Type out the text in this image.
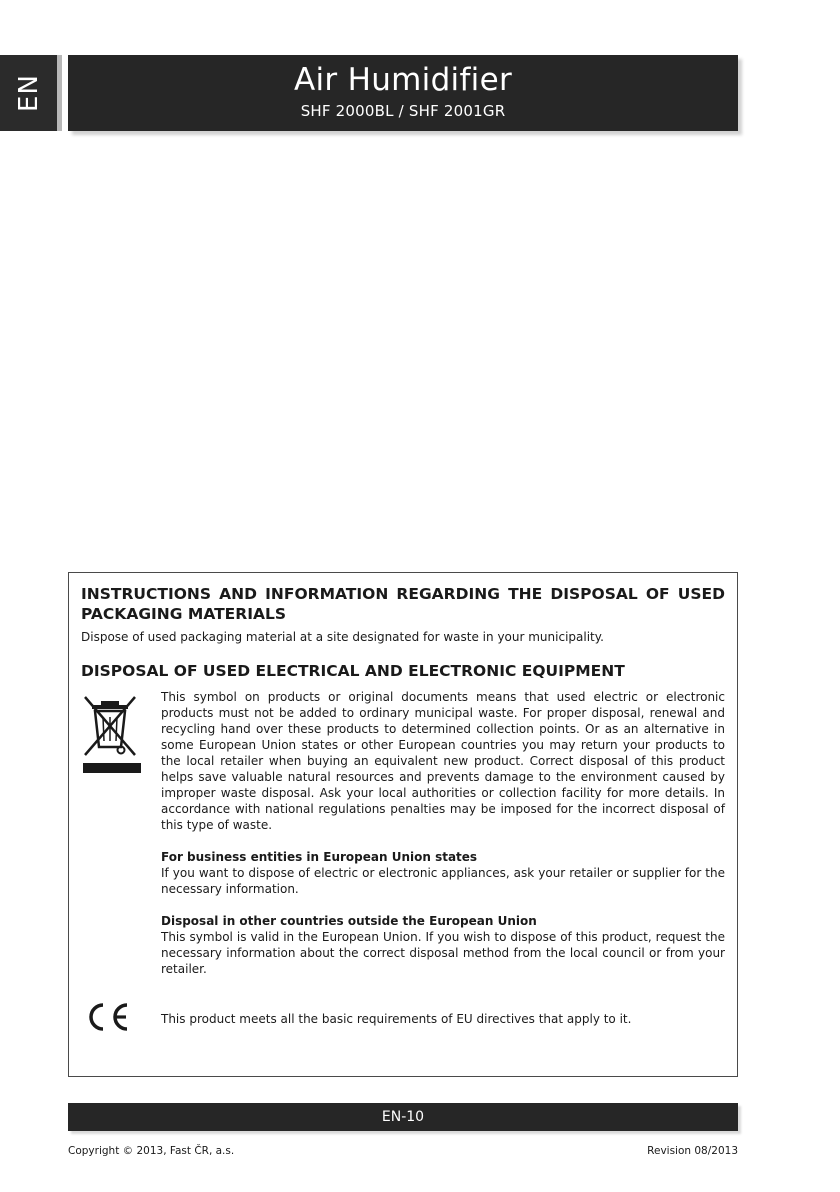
EN	Air Humidifier
SHF 2000BL / SHF 2001GR
INSTRUCTIONS AND INFORMATION REGARDING THE DISPOSAL OF USED PACKAGING MATERIALS
Dispose of used packaging material at a site designated for waste in your municipality.
DISPOSAL OF USED ELECTRICAL AND ELECTRONIC EQUIPMENT
This symbol on products or original documents means that used electric or electronic products must not be added to ordinary municipal waste. For proper disposal, renewal and recycling hand over these products to determined collection points. Or as an alternative in some European Union states or other European countries you may return your products to the local retailer when buying an equivalent new product. Correct disposal of this product helps save valuable natural resources and prevents damage to the environment caused by improper waste disposal. Ask your local authorities or collection facility for more details. In accordance with national regulations penalties may be imposed for the incorrect disposal of this type of waste.
For business entities in European Union states
If you want to dispose of electric or electronic appliances, ask your retailer or supplier for the necessary information.
Disposal in other countries outside the European Union
This symbol is valid in the European Union. If you wish to dispose of this product, request the necessary information about the correct disposal method from the local council or from your retailer.
This product meets all the basic requirements of EU directives that apply to it.
EN-10
Copyright © 2013, Fast ČR, a.s.	Revision 08/2013
